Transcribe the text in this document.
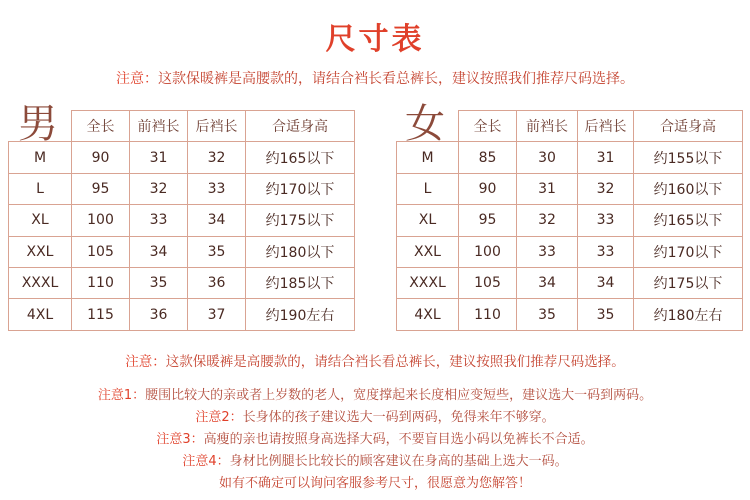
尺寸表
注意：这款保暖裤是高腰款的，请结合裆长看总裤长，建议按照我们推荐尺码选择。
男
	全长	前裆长	后裆长	合适身高
M	90	31	32	约165以下
L	95	32	33	约170以下
XL	100	33	34	约175以下
XXL	105	34	35	约180以下
XXXL	110	35	36	约185以下
4XL	115	36	37	约190左右
女
	全长	前裆长	后裆长	合适身高
M	85	30	31	约155以下
L	90	31	32	约160以下
XL	95	32	33	约165以下
XXL	100	33	33	约170以下
XXXL	105	34	34	约175以下
4XL	110	35	35	约180左右
注意：这款保暖裤是高腰款的，请结合裆长看总裤长，建议按照我们推荐尺码选择。
注意1：腰围比较大的亲或者上岁数的老人，宽度撑起来长度相应变短些，建议选大一码到两码。
注意2：长身体的孩子建议选大一码到两码，免得来年不够穿。
注意3：高瘦的亲也请按照身高选择大码，不要盲目选小码以免裤长不合适。
注意4：身材比例腿长比较长的顾客建议在身高的基础上选大一码。
如有不确定可以询问客服参考尺寸，很愿意为您解答！
